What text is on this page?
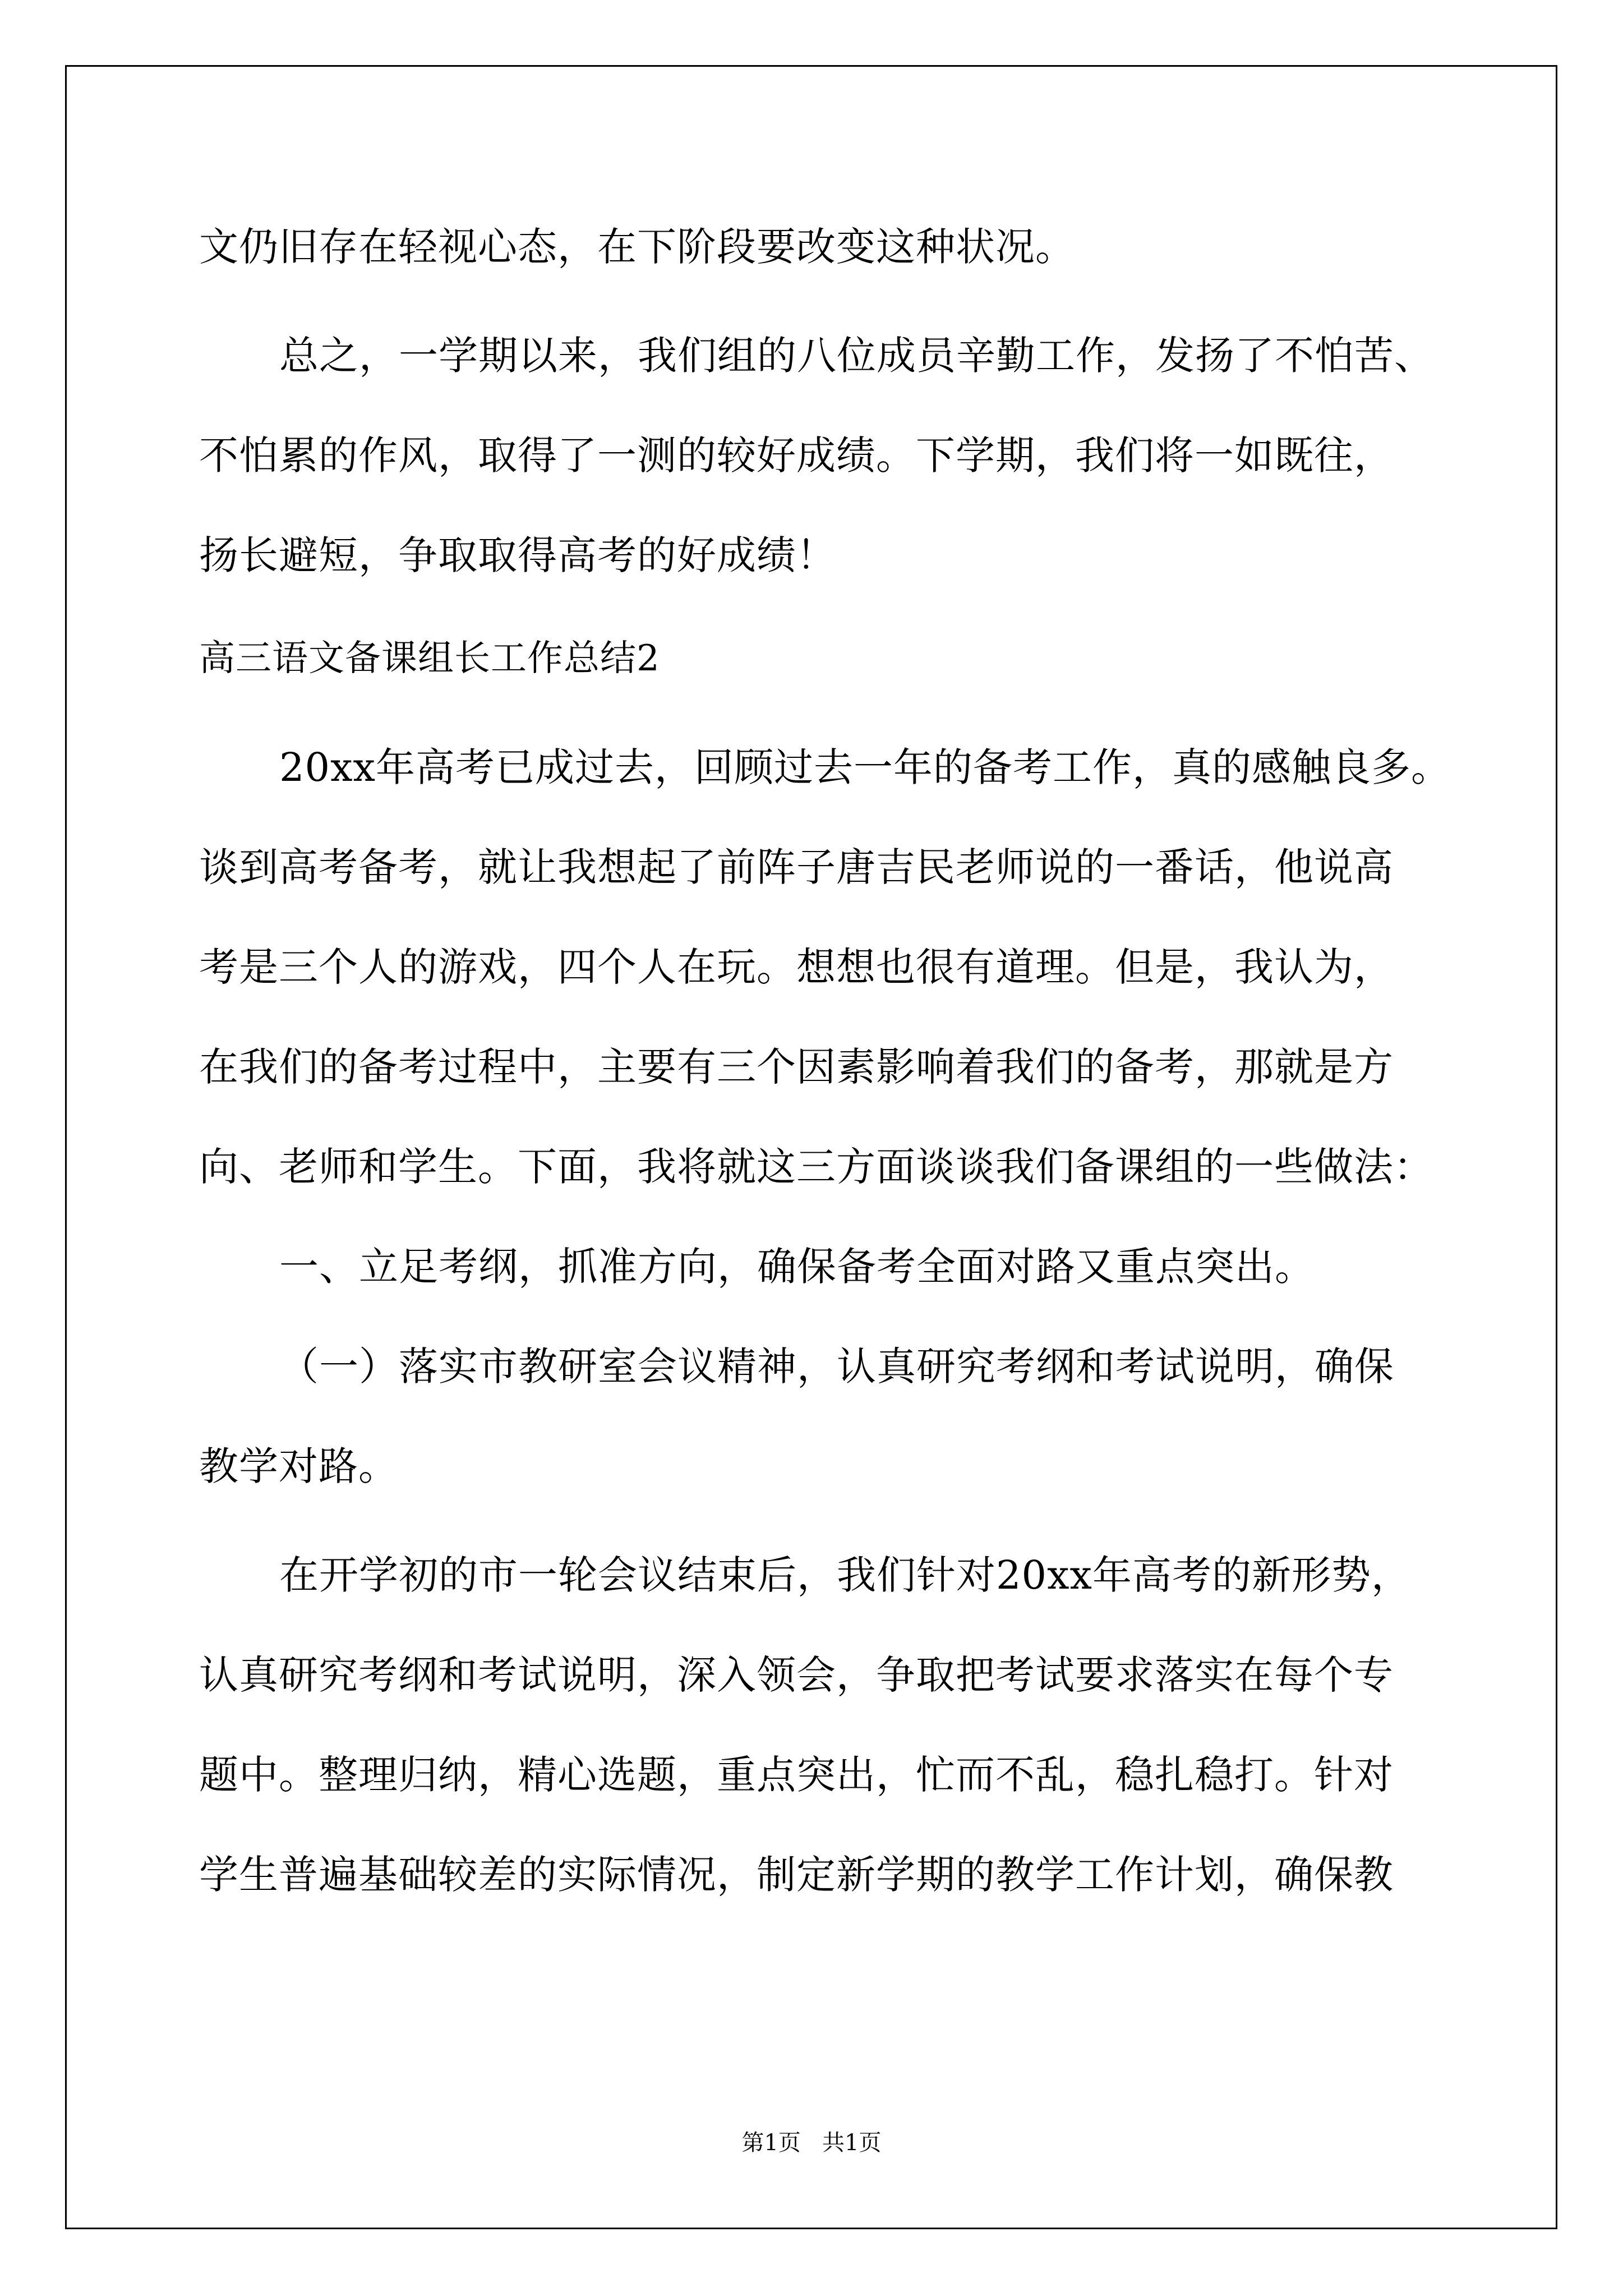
文仍旧存在轻视心态，在下阶段要改变这种状况。
总之，一学期以来，我们组的八位成员辛勤工作，发扬了不怕苦、
不怕累的作风，取得了一测的较好成绩。下学期，我们将一如既往，
扬长避短，争取取得高考的好成绩！
高三语文备课组长工作总结2
20xx年高考已成过去，回顾过去一年的备考工作，真的感触良多。
谈到高考备考，就让我想起了前阵子唐吉民老师说的一番话，他说高
考是三个人的游戏，四个人在玩。想想也很有道理。但是，我认为，
在我们的备考过程中，主要有三个因素影响着我们的备考，那就是方
向、老师和学生。下面，我将就这三方面谈谈我们备课组的一些做法：
一、立足考纲，抓准方向，确保备考全面对路又重点突出。
（一）落实市教研室会议精神，认真研究考纲和考试说明，确保
教学对路。
在开学初的市一轮会议结束后，我们针对20xx年高考的新形势，
认真研究考纲和考试说明，深入领会，争取把考试要求落实在每个专
题中。整理归纳，精心选题，重点突出，忙而不乱，稳扎稳打。针对
学生普遍基础较差的实际情况，制定新学期的教学工作计划，确保教
第1页   共1页
